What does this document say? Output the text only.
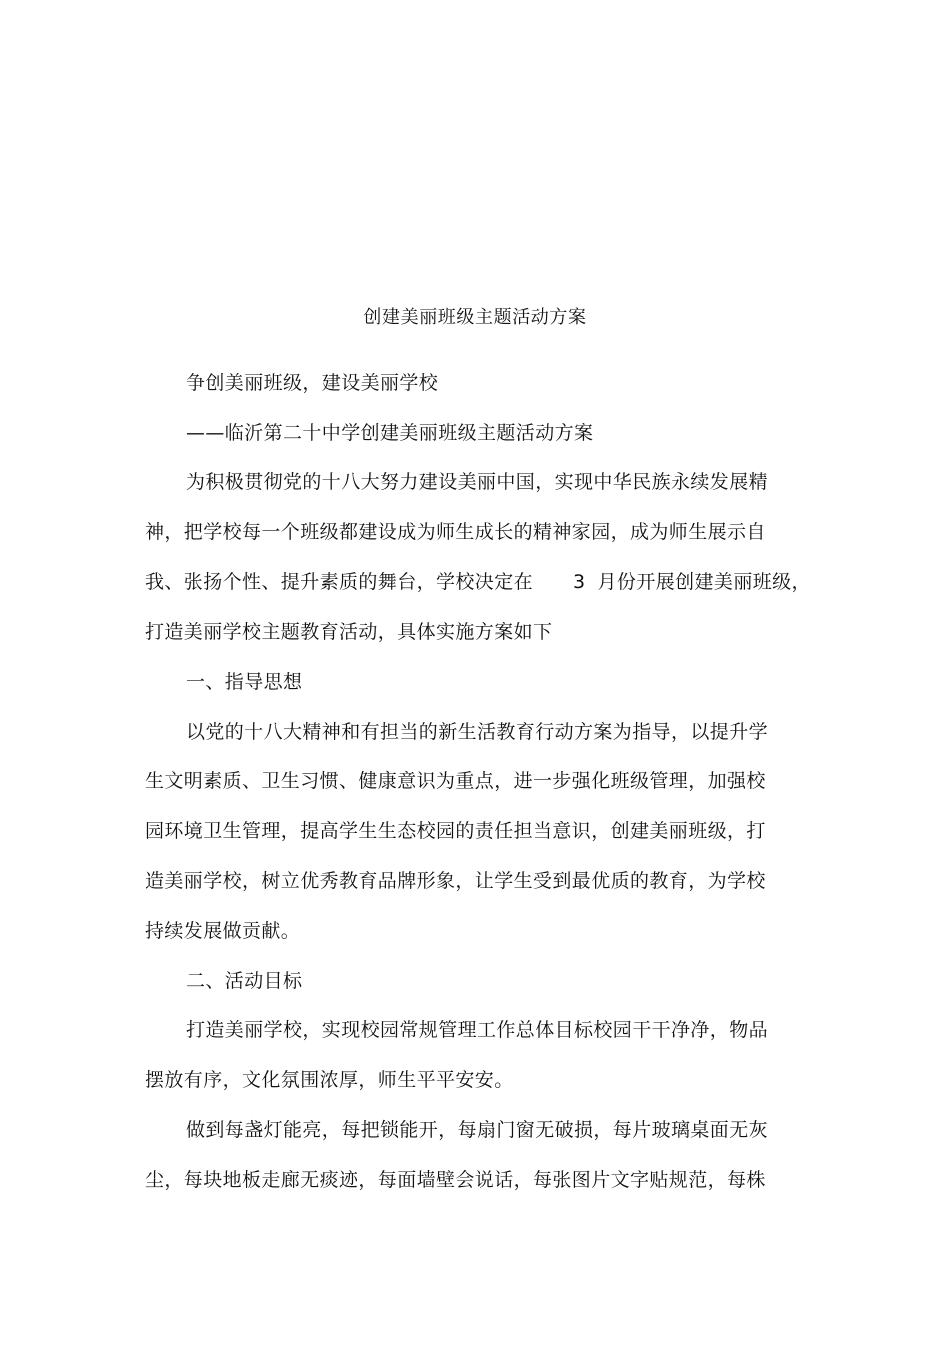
创建美丽班级主题活动方案
争创美丽班级，建设美丽学校
——临沂第二十中学创建美丽班级主题活动方案
为积极贯彻党的十八大努力建设美丽中国，实现中华民族永续发展精
神，把学校每一个班级都建设成为师生成长的精神家园，成为师生展示自
我、张扬个性、提升素质的舞台，学校决定在 3 月份开展创建美丽班级，
打造美丽学校主题教育活动，具体实施方案如下
一、指导思想
以党的十八大精神和有担当的新生活教育行动方案为指导，以提升学
生文明素质、卫生习惯、健康意识为重点，进一步强化班级管理，加强校
园环境卫生管理，提高学生生态校园的责任担当意识，创建美丽班级，打
造美丽学校，树立优秀教育品牌形象，让学生受到最优质的教育，为学校
持续发展做贡献。
二、活动目标
打造美丽学校，实现校园常规管理工作总体目标校园干干净净，物品
摆放有序，文化氛围浓厚，师生平平安安。
做到每盏灯能亮，每把锁能开，每扇门窗无破损，每片玻璃桌面无灰
尘，每块地板走廊无痰迹，每面墙壁会说话，每张图片文字贴规范，每株
